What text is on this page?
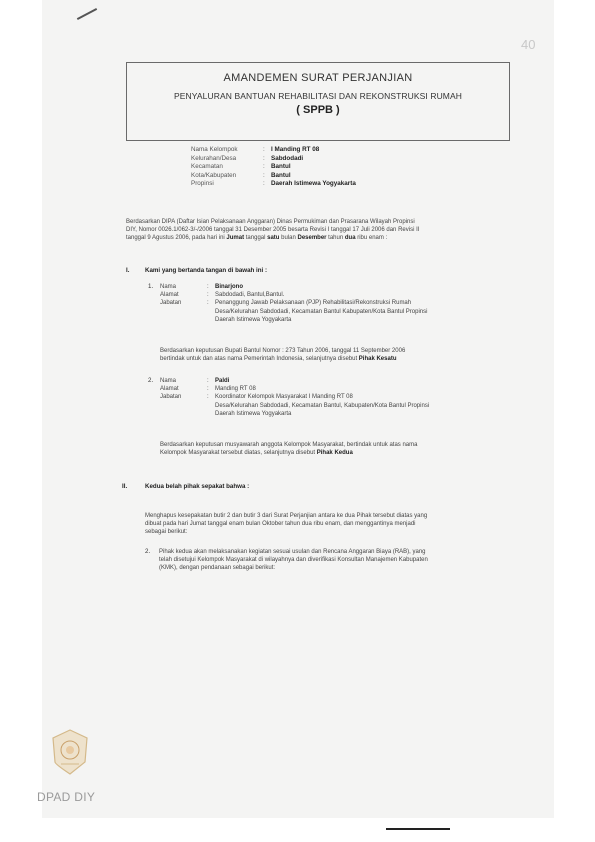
40
AMANDEMEN SURAT PERJANJIAN
PENYALURAN BANTUAN REHABILITASI DAN REKONSTRUKSI RUMAH
( SPPB )
Nama Kelompok	: I Manding RT 08
Kelurahan/Desa	: Sabdodadi
Kecamatan	: Bantul
Kota/Kabupaten	: Bantul
Propinsi	: Daerah Istimewa Yogyakarta
Berdasarkan DIPA (Daftar Isian Pelaksanaan Anggaran) Dinas Permukiman dan Prasarana Wilayah Propinsi
DIY, Nomor 0026.1/062-3/-/2006 tanggal 31 Desember 2005 besarta Revisi I tanggal 17 Juli 2006 dan Revisi II
tanggal 9 Agustus 2006, pada hari ini Jumat tanggal satu bulan Desember tahun dua ribu enam :
I.	Kami yang bertanda tangan di bawah ini :
1. Nama	:	Binarjono
Alamat	:	Sabdodadi, Bantul,Bantul.
Jabatan	:	Penanggung Jawab Pelaksanaan (PJP) Rehabilitasi/Rekonstruksi Rumah
Desa/Kelurahan Sabdodadi, Kecamatan Bantul Kabupaten/Kota Bantul Propinsi
Daerah Istimewa Yogyakarta
Berdasarkan keputusan Bupati Bantul Nomor : 273 Tahun 2006, tanggal 11 September 2006
bertindak untuk dan atas nama Pemerintah Indonesia, selanjutnya disebut Pihak Kesatu
2. Nama	:	Paldi
Alamat	:	Manding RT 08
Jabatan	:	Koordinator Kelompok Masyarakat I Manding RT 08
Desa/Kelurahan Sabdodadi, Kecamatan Bantul, Kabupaten/Kota Bantul Propinsi
Daerah Istimewa Yogyakarta
Berdasarkan keputusan musyawarah anggota Kelompok Masyarakat, bertindak untuk atas nama
Kelompok Masyarakat tersebut diatas, selanjutnya disebut Pihak Kedua
II.	Kedua belah pihak sepakat bahwa :
Menghapus kesepakatan butir 2 dan butir 3 dari Surat Perjanjian antara ke dua Pihak tersebut diatas yang
dibuat pada hari Jumat tanggal enam bulan Oktober tahun dua ribu enam, dan menggantinya menjadi
sebagai berikut:
2. Pihak kedua akan melaksanakan kegiatan sesuai usulan dan Rencana Anggaran Biaya (RAB), yang
telah disetujui Kelompok Masyarakat di wilayahnya dan diverifikasi Konsultan Manajemen Kabupaten
(KMK), dengan pendanaan sebagai berikut:
DPAD DIY
